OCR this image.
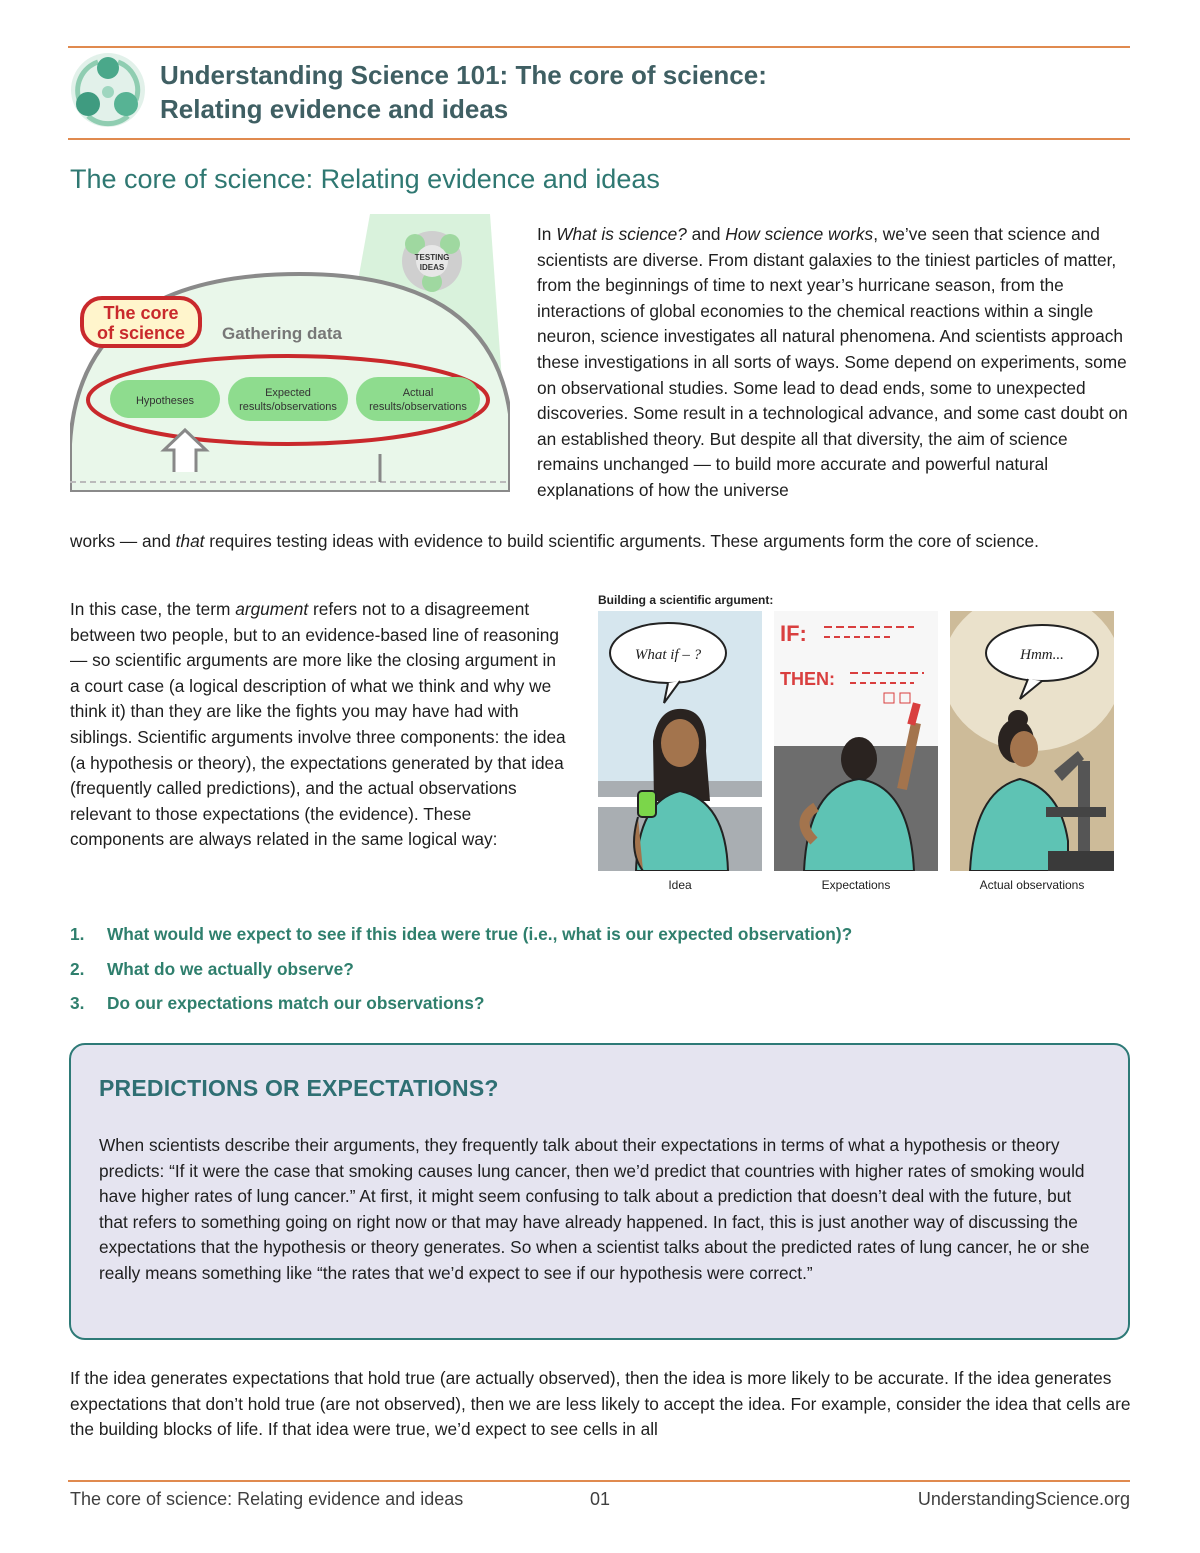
Understanding Science 101: The core of science:
Relating evidence and ideas
The core of science: Relating evidence and ideas
TESTING
IDEAS
The core
of science Gathering data
Hypotheses
Expected
results/observations
Actual
results/observations

In What is science? and How science works, we’ve seen that science and scientists are diverse. From distant galaxies to the tiniest particles of matter, from the beginnings of time to next year’s hurricane season, from the interactions of global economies to the chemical reactions within a single neuron, science investigates all natural phenomena. And scientists approach these investigations in all sorts of ways. Some depend on experiments, some on observational studies. Some lead to dead ends, some to unexpected discoveries. Some result in a technological advance, and some cast doubt on an established theory. But despite all that diversity, the aim of science remains unchanged — to build more accurate and powerful natural explanations of how the universe

works — and that requires testing ideas with evidence to build scientific arguments. These arguments form the core of science.

In this case, the term argument refers not to a disagreement between two people, but to an evidence-based line of reasoning — so scientific arguments are more like the closing argument in a court case (a logical description of what we think and why we think it) than they are like the fights you may have had with siblings. Scientific arguments involve three components: the idea (a hypothesis or theory), the expectations generated by that idea (frequently called predictions), and the actual observations relevant to those expectations (the evidence). These components are always related in the same logical way:

Building a scientific argument:
What if – ?
Idea
IF:
THEN:
Expectations
Hmm...
Actual observations
1. What would we expect to see if this idea were true (i.e., what is our expected observation)?
2. What do we actually observe?
3. Do our expectations match our observations?
PREDICTIONS OR EXPECTATIONS?

When scientists describe their arguments, they frequently talk about their expectations in terms of what a hypothesis or theory predicts: “If it were the case that smoking causes lung cancer, then we’d predict that countries with higher rates of smoking would have higher rates of lung cancer.” At first, it might seem confusing to talk about a prediction that doesn’t deal with the future, but that refers to something going on right now or that may have already happened. In fact, this is just another way of discussing the expectations that the hypothesis or theory generates. So when a scientist talks about the predicted rates of lung cancer, he or she really means something like “the rates that we’d expect to see if our hypothesis were correct.”

If the idea generates expectations that hold true (are actually observed), then the idea is more likely to be accurate. If the idea generates expectations that don’t hold true (are not observed), then we are less likely to accept the idea. For example, consider the idea that cells are the building blocks of life. If that idea were true, we’d expect to see cells in all

The core of science: Relating evidence and ideas	01	UnderstandingScience.org
